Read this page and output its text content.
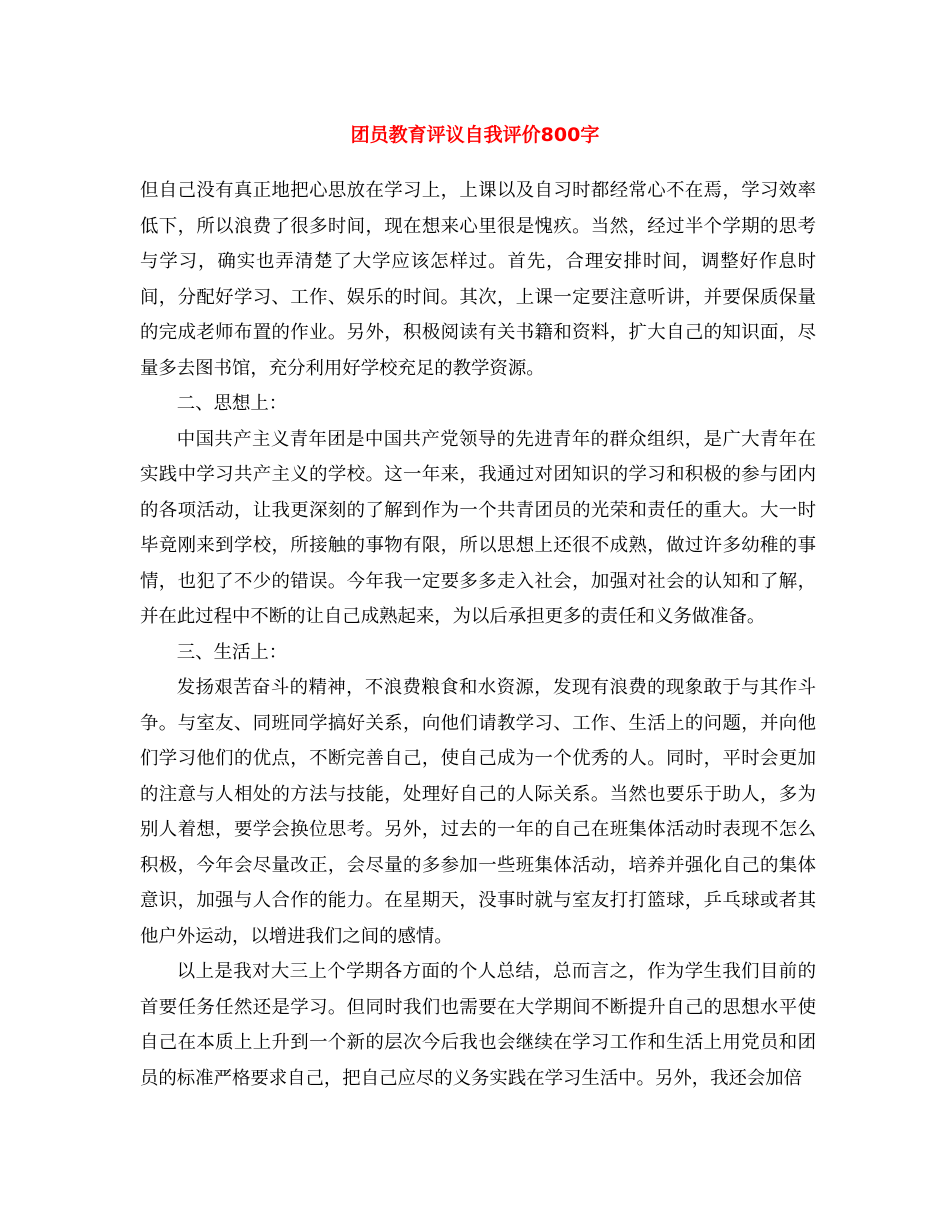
团员教育评议自我评价800字

但自己没有真正地把心思放在学习上，上课以及自习时都经常心不在焉，学习效率低下，所以浪费了很多时间，现在想来心里很是愧疚。当然，经过半个学期的思考与学习，确实也弄清楚了大学应该怎样过。首先，合理安排时间，调整好作息时间，分配好学习、工作、娱乐的时间。其次，上课一定要注意听讲，并要保质保量的完成老师布置的作业。另外，积极阅读有关书籍和资料，扩大自己的知识面，尽量多去图书馆，充分利用好学校充足的教学资源。

二、思想上：

中国共产主义青年团是中国共产党领导的先进青年的群众组织，是广大青年在实践中学习共产主义的学校。这一年来，我通过对团知识的学习和积极的参与团内的各项活动，让我更深刻的了解到作为一个共青团员的光荣和责任的重大。大一时毕竟刚来到学校，所接触的事物有限，所以思想上还很不成熟，做过许多幼稚的事情，也犯了不少的错误。今年我一定要多多走入社会，加强对社会的认知和了解，并在此过程中不断的让自己成熟起来，为以后承担更多的责任和义务做准备。

三、生活上：

发扬艰苦奋斗的精神，不浪费粮食和水资源，发现有浪费的现象敢于与其作斗争。与室友、同班同学搞好关系，向他们请教学习、工作、生活上的问题，并向他们学习他们的优点，不断完善自己，使自己成为一个优秀的人。同时，平时会更加的注意与人相处的方法与技能，处理好自己的人际关系。当然也要乐于助人，多为别人着想，要学会换位思考。另外，过去的一年的自己在班集体活动时表现不怎么积极，今年会尽量改正，会尽量的多参加一些班集体活动，培养并强化自己的集体意识，加强与人合作的能力。在星期天，没事时就与室友打打篮球，乒乓球或者其他户外运动，以增进我们之间的感情。

以上是我对大三上个学期各方面的个人总结，总而言之，作为学生我们目前的首要任务任然还是学习。但同时我们也需要在大学期间不断提升自己的思想水平使自己在本质上上升到一个新的层次今后我也会继续在学习工作和生活上用党员和团员的标准严格要求自己，把自己应尽的义务实践在学习生活中。另外，我还会加倍
